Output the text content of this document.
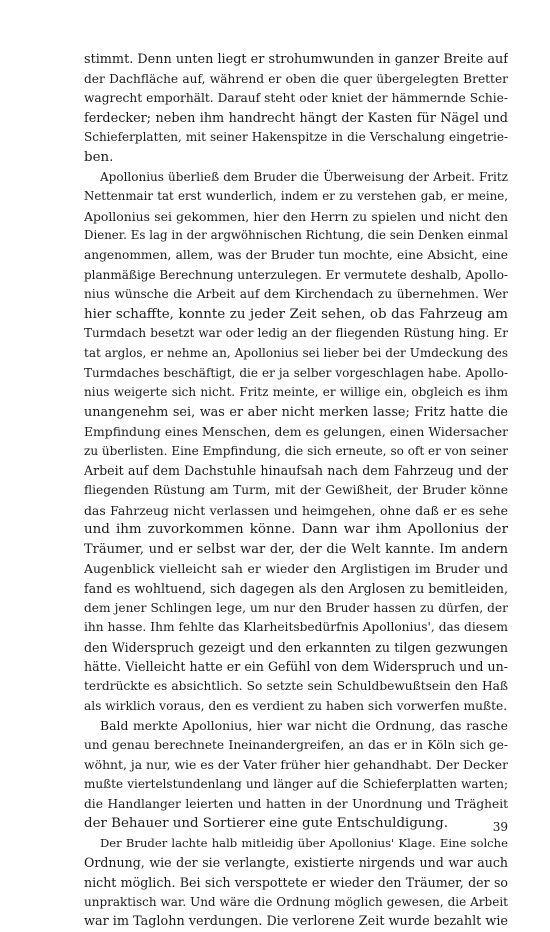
stimmt. Denn unten liegt er strohumwunden in ganzer Breite auf
der Dachfläche auf, während er oben die quer übergelegten Bretter
wagrecht emporhält. Darauf steht oder kniet der hämmernde Schie-
ferdecker; neben ihm handrecht hängt der Kasten für Nägel und
Schieferplatten, mit seiner Hakenspitze in die Verschalung eingetrie-
ben.
Apollonius überließ dem Bruder die Überweisung der Arbeit. Fritz
Nettenmair tat erst wunderlich, indem er zu verstehen gab, er meine,
Apollonius sei gekommen, hier den Herrn zu spielen und nicht den
Diener. Es lag in der argwöhnischen Richtung, die sein Denken einmal
angenommen, allem, was der Bruder tun mochte, eine Absicht, eine
planmäßige Berechnung unterzulegen. Er vermutete deshalb, Apollo-
nius wünsche die Arbeit auf dem Kirchendach zu übernehmen. Wer
hier schaffte, konnte zu jeder Zeit sehen, ob das Fahrzeug am
Turmdach besetzt war oder ledig an der fliegenden Rüstung hing. Er
tat arglos, er nehme an, Apollonius sei lieber bei der Umdeckung des
Turmdaches beschäftigt, die er ja selber vorgeschlagen habe. Apollo-
nius weigerte sich nicht. Fritz meinte, er willige ein, obgleich es ihm
unangenehm sei, was er aber nicht merken lasse; Fritz hatte die
Empfindung eines Menschen, dem es gelungen, einen Widersacher
zu überlisten. Eine Empfindung, die sich erneute, so oft er von seiner
Arbeit auf dem Dachstuhle hinaufsah nach dem Fahrzeug und der
fliegenden Rüstung am Turm, mit der Gewißheit, der Bruder könne
das Fahrzeug nicht verlassen und heimgehen, ohne daß er es sehe
und ihm zuvorkommen könne. Dann war ihm Apollonius der
Träumer, und er selbst war der, der die Welt kannte. Im andern
Augenblick vielleicht sah er wieder den Arglistigen im Bruder und
fand es wohltuend, sich dagegen als den Arglosen zu bemitleiden,
dem jener Schlingen lege, um nur den Bruder hassen zu dürfen, der
ihn hasse. Ihm fehlte das Klarheitsbedürfnis Apollonius', das diesem
den Widerspruch gezeigt und den erkannten zu tilgen gezwungen
hätte. Vielleicht hatte er ein Gefühl von dem Widerspruch und un-
terdrückte es absichtlich. So setzte sein Schuldbewußtsein den Haß
als wirklich voraus, den es verdient zu haben sich vorwerfen mußte.
Bald merkte Apollonius, hier war nicht die Ordnung, das rasche
und genau berechnete Ineinandergreifen, an das er in Köln sich ge-
wöhnt, ja nur, wie es der Vater früher hier gehandhabt. Der Decker
mußte viertelstundenlang und länger auf die Schieferplatten warten;
die Handlanger leierten und hatten in der Unordnung und Trägheit
der Behauer und Sortierer eine gute Entschuldigung.
Der Bruder lachte halb mitleidig über Apollonius' Klage. Eine solche
Ordnung, wie der sie verlangte, existierte nirgends und war auch
nicht möglich. Bei sich verspottete er wieder den Träumer, der so
unpraktisch war. Und wäre die Ordnung möglich gewesen, die Arbeit
war im Taglohn verdungen. Die verlorene Zeit wurde bezahlt wie
39
